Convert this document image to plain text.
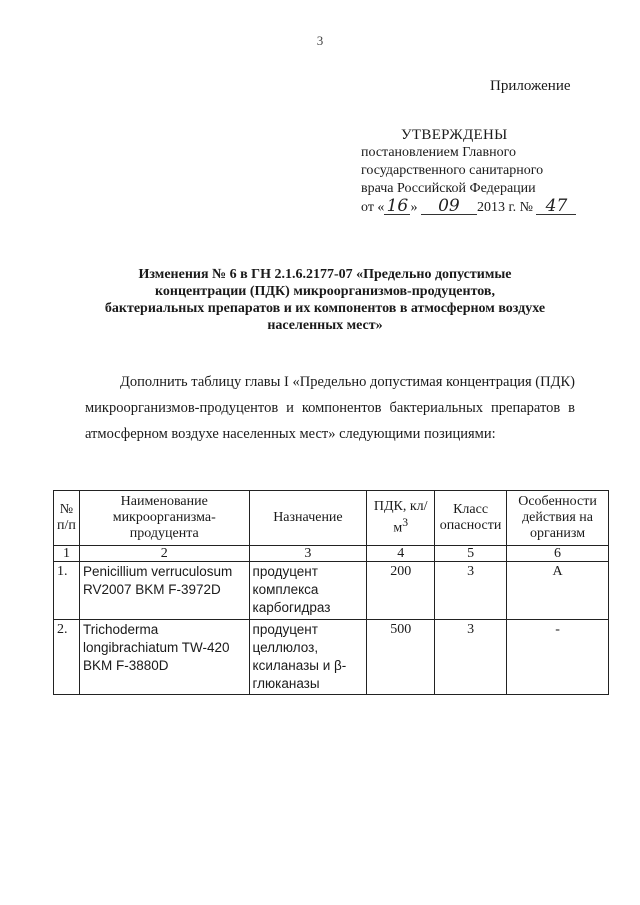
3
Приложение
УТВЕРЖДЕНЫ
постановлением Главного
государственного санитарного
врача Российской Федерации
от « 16 » 09 2013 г. № 47
Изменения № 6 в ГН 2.1.6.2177-07 «Предельно допустимые
концентрации (ПДК) микроорганизмов-продуцентов,
бактериальных препаратов и их компонентов в атмосферном воздухе
населенных мест»
Дополнить таблицу главы I «Предельно допустимая концентрация (ПДК) микроорганизмов-продуцентов и компонентов бактериальных препаратов в атмосферном воздухе населенных мест» следующими позициями:
№ п/п	Наименование микроорганизма-продуцента	Назначение	ПДК, $кл/м^3$	Класс опасности	Особенности действия на организм
1	2	3	4	5	6
1.	Penicillium verruculosum RV2007 BKM F-3972D	продуцент комплекса карбогидраз	200	3	А
2.	Trichoderma longibrachiatum TW-420 BKM F-3880D	продуцент целлюлоз, ксиланазы и β-глюканазы	500	3	-
